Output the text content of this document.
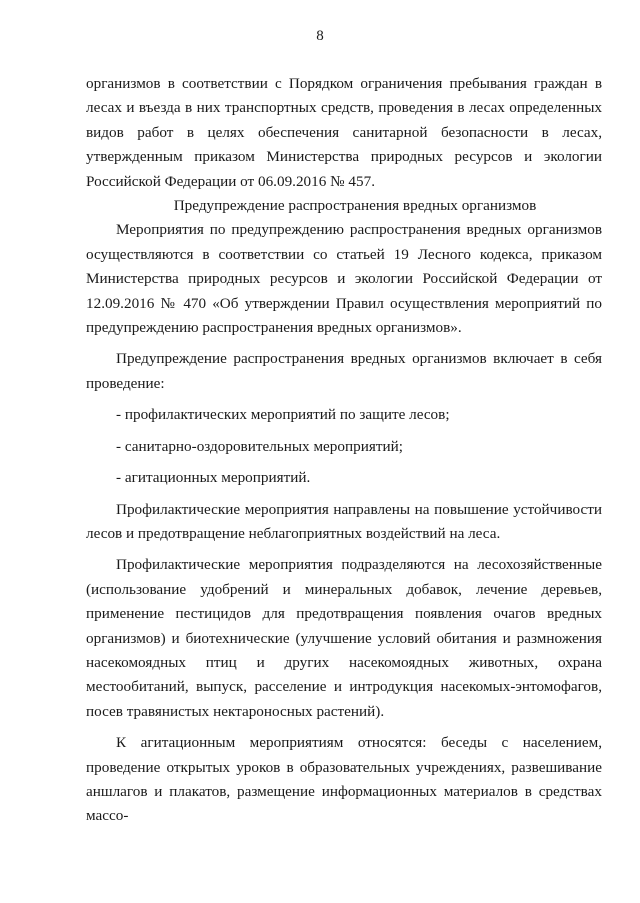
8

организмов в соответствии с Порядком ограничения пребывания граждан в лесах и въезда в них транспортных средств, проведения в лесах определенных видов работ в целях обеспечения санитарной безопасности в лесах, утвержденным приказом Министерства природных ресурсов и экологии Российской Федерации от 06.09.2016 № 457.

Предупреждение распространения вредных организмов

Мероприятия по предупреждению распространения вредных организмов осуществляются в соответствии со статьей 19 Лесного кодекса, приказом Министерства природных ресурсов и экологии Российской Федерации от 12.09.2016 № 470 «Об утверждении Правил осуществления мероприятий по предупреждению распространения вредных организмов».

Предупреждение распространения вредных организмов включает в себя проведение:

- профилактических мероприятий по защите лесов;

- санитарно-оздоровительных мероприятий;

- агитационных мероприятий.

Профилактические мероприятия направлены на повышение устойчивости лесов и предотвращение неблагоприятных воздействий на леса.

Профилактические мероприятия подразделяются на лесохозяйственные (использование удобрений и минеральных добавок, лечение деревьев, применение пестицидов для предотвращения появления очагов вредных организмов) и биотехнические (улучшение условий обитания и размножения насекомоядных птиц и других насекомоядных животных, охрана местообитаний, выпуск, расселение и интродукция насекомых-энтомофагов, посев травянистых нектароносных растений).

К агитационным мероприятиям относятся: беседы с населением, проведение открытых уроков в образовательных учреждениях, развешивание аншлагов и плакатов, размещение информационных материалов в средствах массо-
